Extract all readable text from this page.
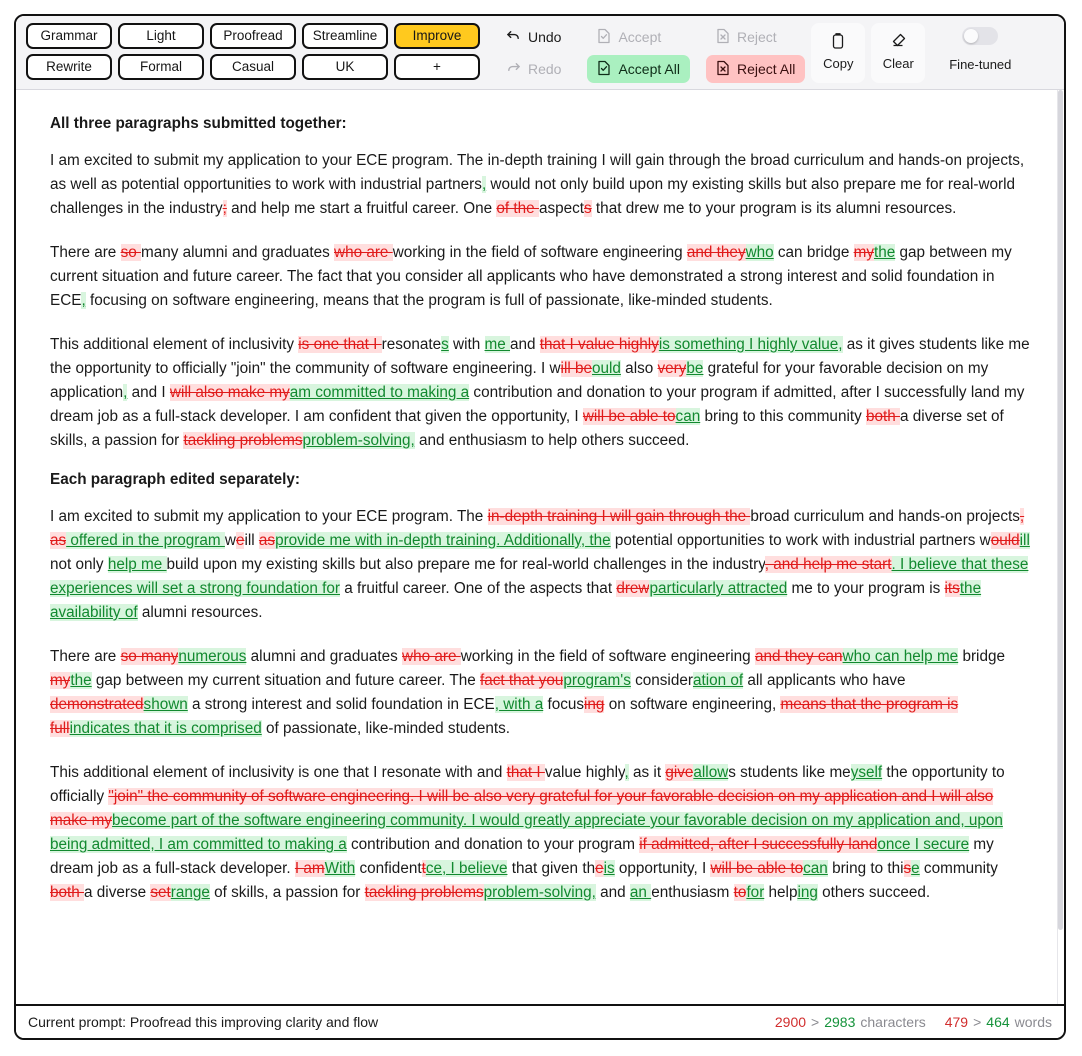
Grammar	Light	Proofread	Streamline	Improve
Rewrite	Formal	Casual	UK	+
Undo
Redo
Accept
Accept All
Reject
Reject All Copy Clear	Fine-tuned
All three paragraphs submitted together:

I am excited to submit my application to your ECE program. The in-depth training I will gain through the broad curriculum and hands-on projects, as well as potential opportunities to work with industrial partners, would not only build upon my existing skills but also prepare me for real-world challenges in the industry; and help me start a fruitful career. One of the aspects that drew me to your program is its alumni resources.

There are so many alumni and graduates who are working in the field of software engineering and theywho can bridge mythe gap between my current situation and future career. The fact that you consider all applicants who have demonstrated a strong interest and solid foundation in ECE, focusing on software engineering, means that the program is full of passionate, like-minded students.

This additional element of inclusivity is one that I resonates with me and that I value highlyis something I highly value, as it gives students like me the opportunity to officially "join" the community of software engineering. I will beould also verybe grateful for your favorable decision on my application, and I will also make myam committed to making a contribution and donation to your program if admitted, after I successfully land my dream job as a full-stack developer. I am confident that given the opportunity, I will be able tocan bring to this community both a diverse set of skills, a passion for tackling problemsproblem-solving, and enthusiasm to help others succeed.

Each paragraph edited separately:

I am excited to submit my application to your ECE program. The in-depth training I will gain through the broad curriculum and hands-on projects, as offered in the program weill asprovide me with in-depth training. Additionally, the potential opportunities to work with industrial partners wouldill not only help me build upon my existing skills but also prepare me for real-world challenges in the industry, and help me start. I believe that these experiences will set a strong foundation for a fruitful career. One of the aspects that drewparticularly attracted me to your program is itsthe availability of alumni resources.

There are so manynumerous alumni and graduates who are working in the field of software engineering and they canwho can help me bridge mythe gap between my current situation and future career. The fact that youprogram's consideration of all applicants who have demonstratedshown a strong interest and solid foundation in ECE, with a focusing on software engineering, means that the program is fullindicates that it is comprised of passionate, like-minded students.

This additional element of inclusivity is one that I resonate with and that I value highly, as it giveallows students like meyself the opportunity to officially "join" the community of software engineering. I will be also very grateful for your favorable decision on my application and I will also make mybecome part of the software engineering community. I would greatly appreciate your favorable decision on my application and, upon being admitted, I am committed to making a contribution and donation to your program if admitted, after I successfully landonce I secure my dream job as a full-stack developer. I amWith confidenttce, I believe that given theis opportunity, I will be able tocan bring to thise community both a diverse setrange of skills, a passion for tackling problemsproblem-solving, and an enthusiasm tofor helping others succeed.

Current prompt: Proofread this improving clarity and flow	2900 > 2983 characters 479 > 464 words
